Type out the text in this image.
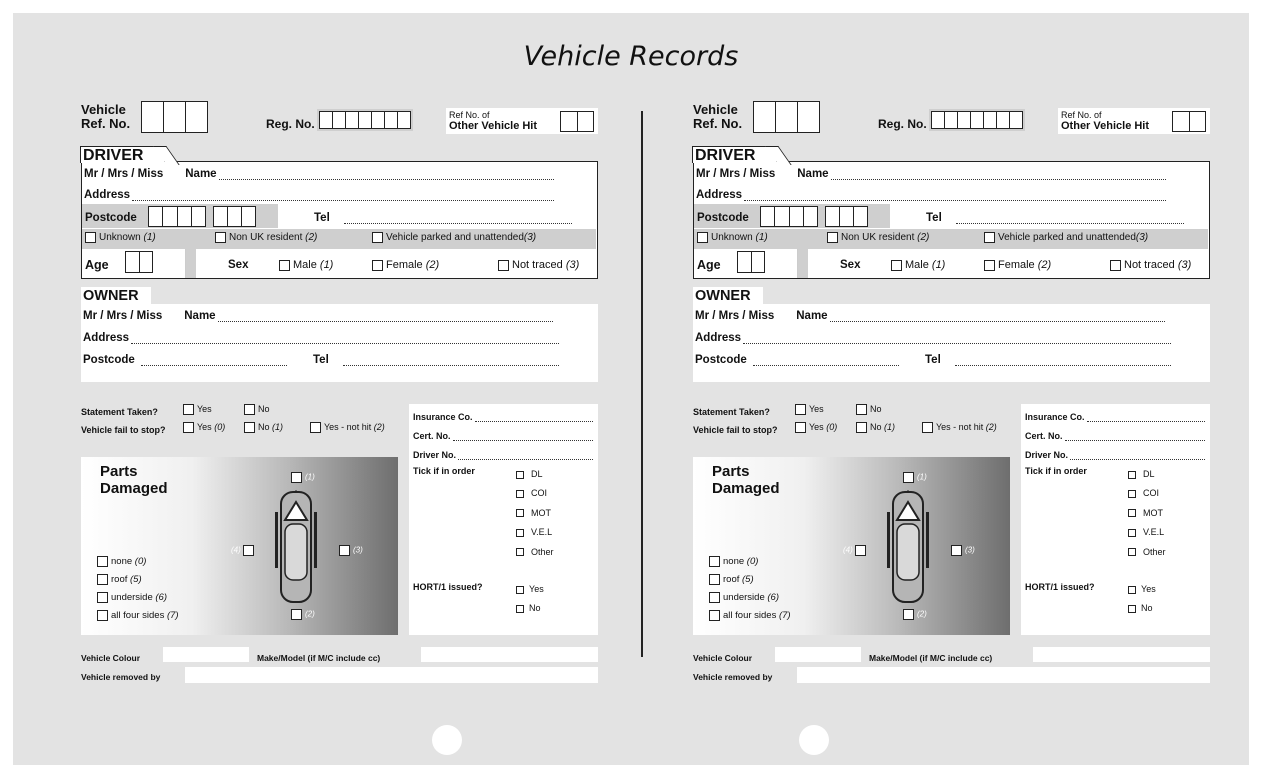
Vehicle Records
Vehicle
Ref. No.	Reg. No.
Ref No. of
Other Vehicle Hit
DRIVER
Mr / Mrs / Miss Name
Address
Postcode	Tel
Unknown (1)	Non UK resident (2)	Vehicle parked and unattended(3)
Age	Sex	Male (1)	Female (2)	Not traced (3)
OWNER
Mr / Mrs / Miss Name
Address
Postcode	Tel
Statement Taken?	Yes	No
Vehicle fail to stop?	Yes (0)	No (1)	Yes - not hit (2)
Parts
Damaged
none (0)
roof (5)
underside (6)
all four sides (7)
(1)
(2)
(3)
(4)
Insurance Co.
Cert. No.
Driver No.
Tick if in order	DL
COI
MOT
V.E.L
Other
HORT/1 issued?	Yes
No
Vehicle Colour	Make/Model (if M/C include cc)
Vehicle removed by
Vehicle
Ref. No.	Reg. No.
Ref No. of
Other Vehicle Hit
DRIVER
Mr / Mrs / Miss Name
Address
Postcode	Tel
Unknown (1)	Non UK resident (2)	Vehicle parked and unattended(3)
Age	Sex	Male (1)	Female (2)	Not traced (3)
OWNER
Mr / Mrs / Miss Name
Address
Postcode	Tel
Statement Taken?	Yes	No
Vehicle fail to stop?	Yes (0)	No (1)	Yes - not hit (2)
Parts
Damaged
none (0)
roof (5)
underside (6)
all four sides (7)
(1)
(2)
(3)
(4)
Insurance Co.
Cert. No.
Driver No.
Tick if in order	DL
COI
MOT
V.E.L
Other
HORT/1 issued?	Yes
No
Vehicle Colour	Make/Model (if M/C include cc)
Vehicle removed by
